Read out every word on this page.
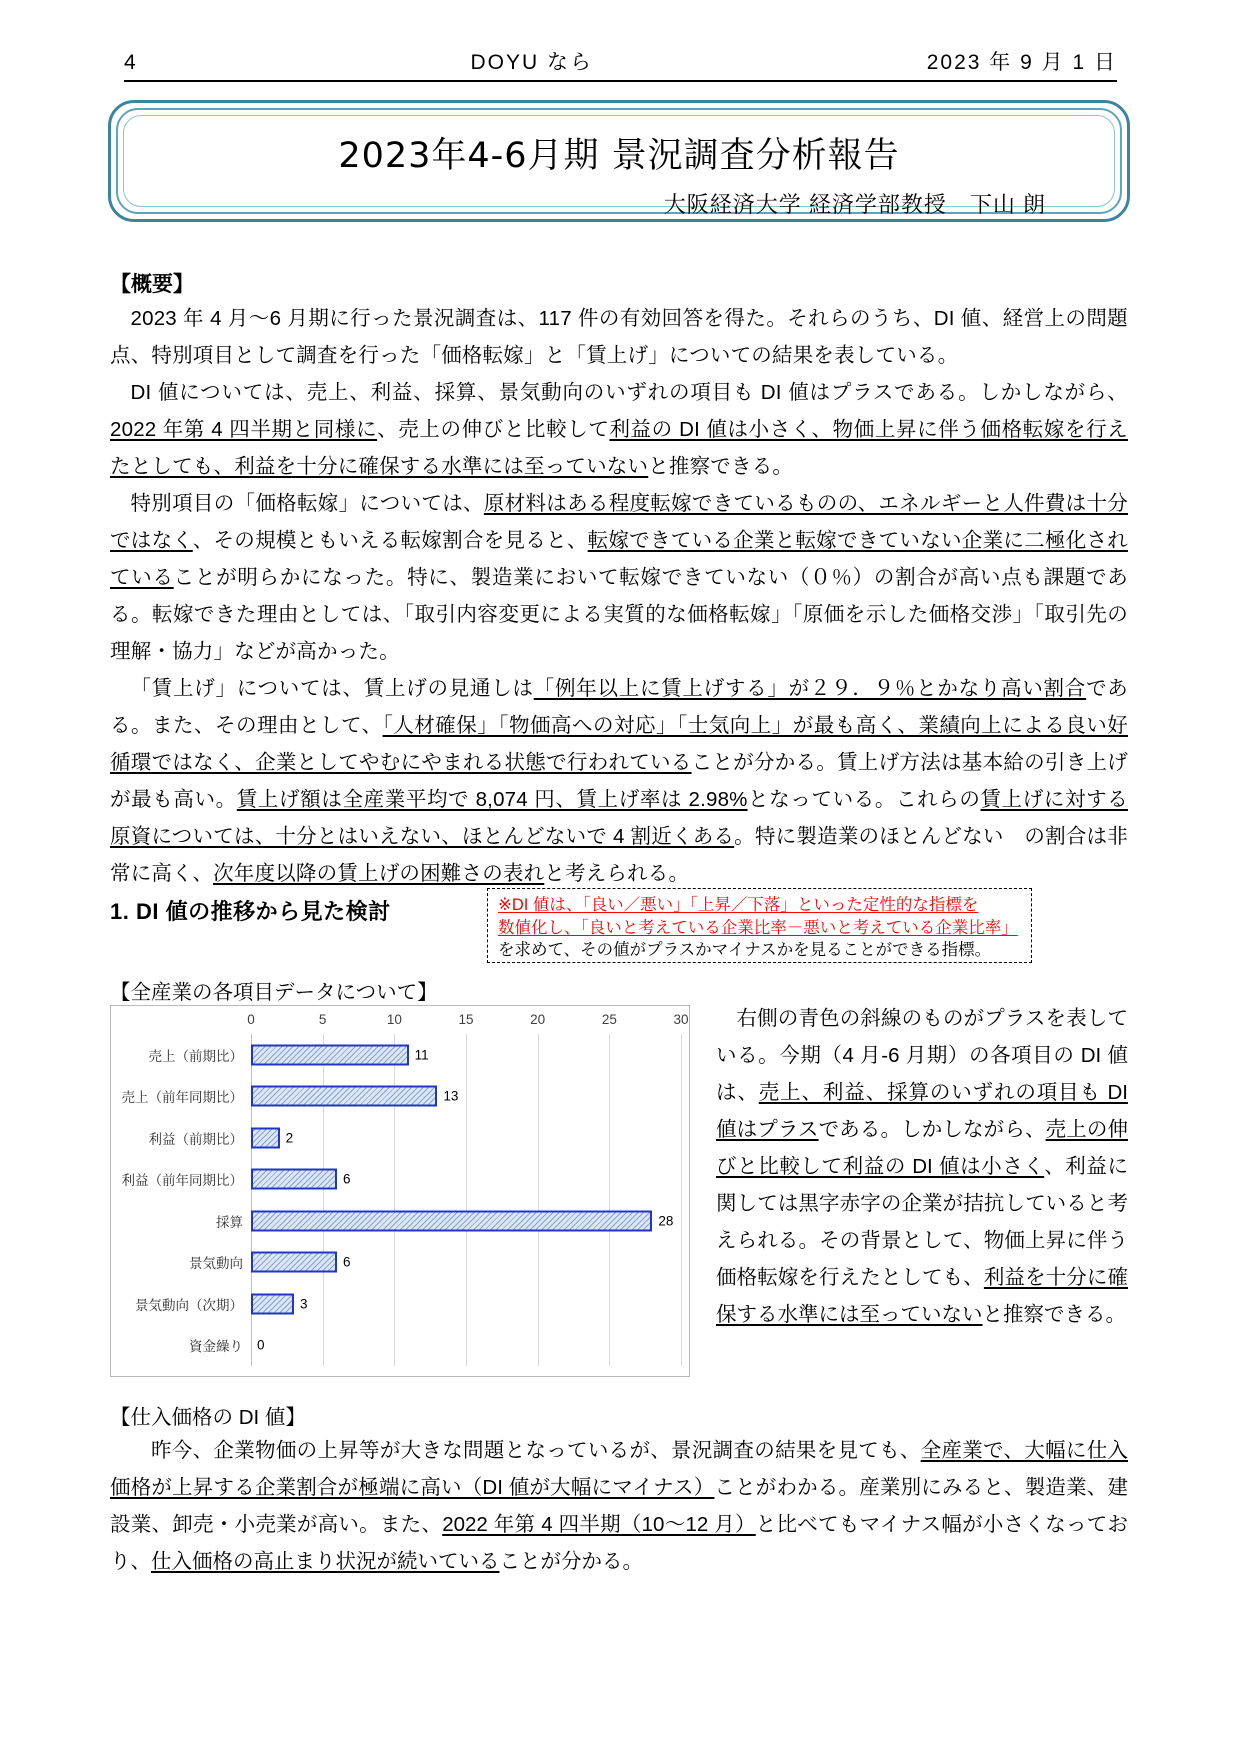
4	DOYU なら	2023 年 9 月 1 日
2023年4-6月期 景況調査分析報告
大阪経済大学 経済学部教授　下山 朗
【概要】

2023 年 4 月～6 月期に行った景況調査は、117 件の有効回答を得た。それらのうち、DI 値、経営上の問題点、特別項目として調査を行った「価格転嫁」と「賃上げ」についての結果を表している。

DI 値については、売上、利益、採算、景気動向のいずれの項目も DI 値はプラスである。しかしながら、2022 年第 4 四半期と同様に、売上の伸びと比較して利益の DI 値は小さく、物価上昇に伴う価格転嫁を行えたとしても、利益を十分に確保する水準には至っていないと推察できる。

特別項目の「価格転嫁」については、原材料はある程度転嫁できているものの、エネルギーと人件費は十分ではなく、その規模ともいえる転嫁割合を見ると、転嫁できている企業と転嫁できていない企業に二極化されていることが明らかになった。特に、製造業において転嫁できていない（０％）の割合が高い点も課題である。転嫁できた理由としては、「取引内容変更による実質的な価格転嫁」「原価を示した価格交渉」「取引先の理解・協力」などが高かった。

「賃上げ」については、賃上げの見通しは「例年以上に賃上げする」が２９．９％とかなり高い割合である。また、その理由として、「人材確保」「物価高への対応」「士気向上」が最も高く、業績向上による良い好循環ではなく、企業としてやむにやまれる状態で行われていることが分かる。賃上げ方法は基本給の引き上げが最も高い。賃上げ額は全産業平均で 8,074 円、賃上げ率は 2.98%となっている。これらの賃上げに対する原資については、十分とはいえない、ほとんどないで 4 割近くある。特に製造業のほとんどない　の割合は非常に高く、次年度以降の賃上げの困難さの表れと考えられる。

1. DI 値の推移から見た検討	※DI 値は、「良い／悪い」「上昇／下落」といった定性的な指標を
数値化し、「良いと考えている企業比率－悪いと考えている企業比率」
を求めて、その値がプラスかマイナスかを見ることができる指標。
【全産業の各項目データについて】
0	5	10	15	20	25	30
売上（前期比）	11
売上（前年同期比）	13
利益（前期比）	2
利益（前年同期比）	6
採算	28
景気動向	6
景気動向（次期）	3
資金繰り 0

右側の青色の斜線のものがプラスを表している。今期（4 月-6 月期）の各項目の DI 値は、売上、利益、採算のいずれの項目も DI 値はプラスである。しかしながら、売上の伸びと比較して利益の DI 値は小さく、利益に関しては黒字赤字の企業が拮抗していると考えられる。その背景として、物価上昇に伴う価格転嫁を行えたとしても、利益を十分に確保する水準には至っていないと推察できる。

【仕入価格の DI 値】

昨今、企業物価の上昇等が大きな問題となっているが、景況調査の結果を見ても、全産業で、大幅に仕入価格が上昇する企業割合が極端に高い（DI 値が大幅にマイナス）ことがわかる。産業別にみると、製造業、建設業、卸売・小売業が高い。また、2022 年第 4 四半期（10～12 月）と比べてもマイナス幅が小さくなっており、仕入価格の高止まり状況が続いていることが分かる。
